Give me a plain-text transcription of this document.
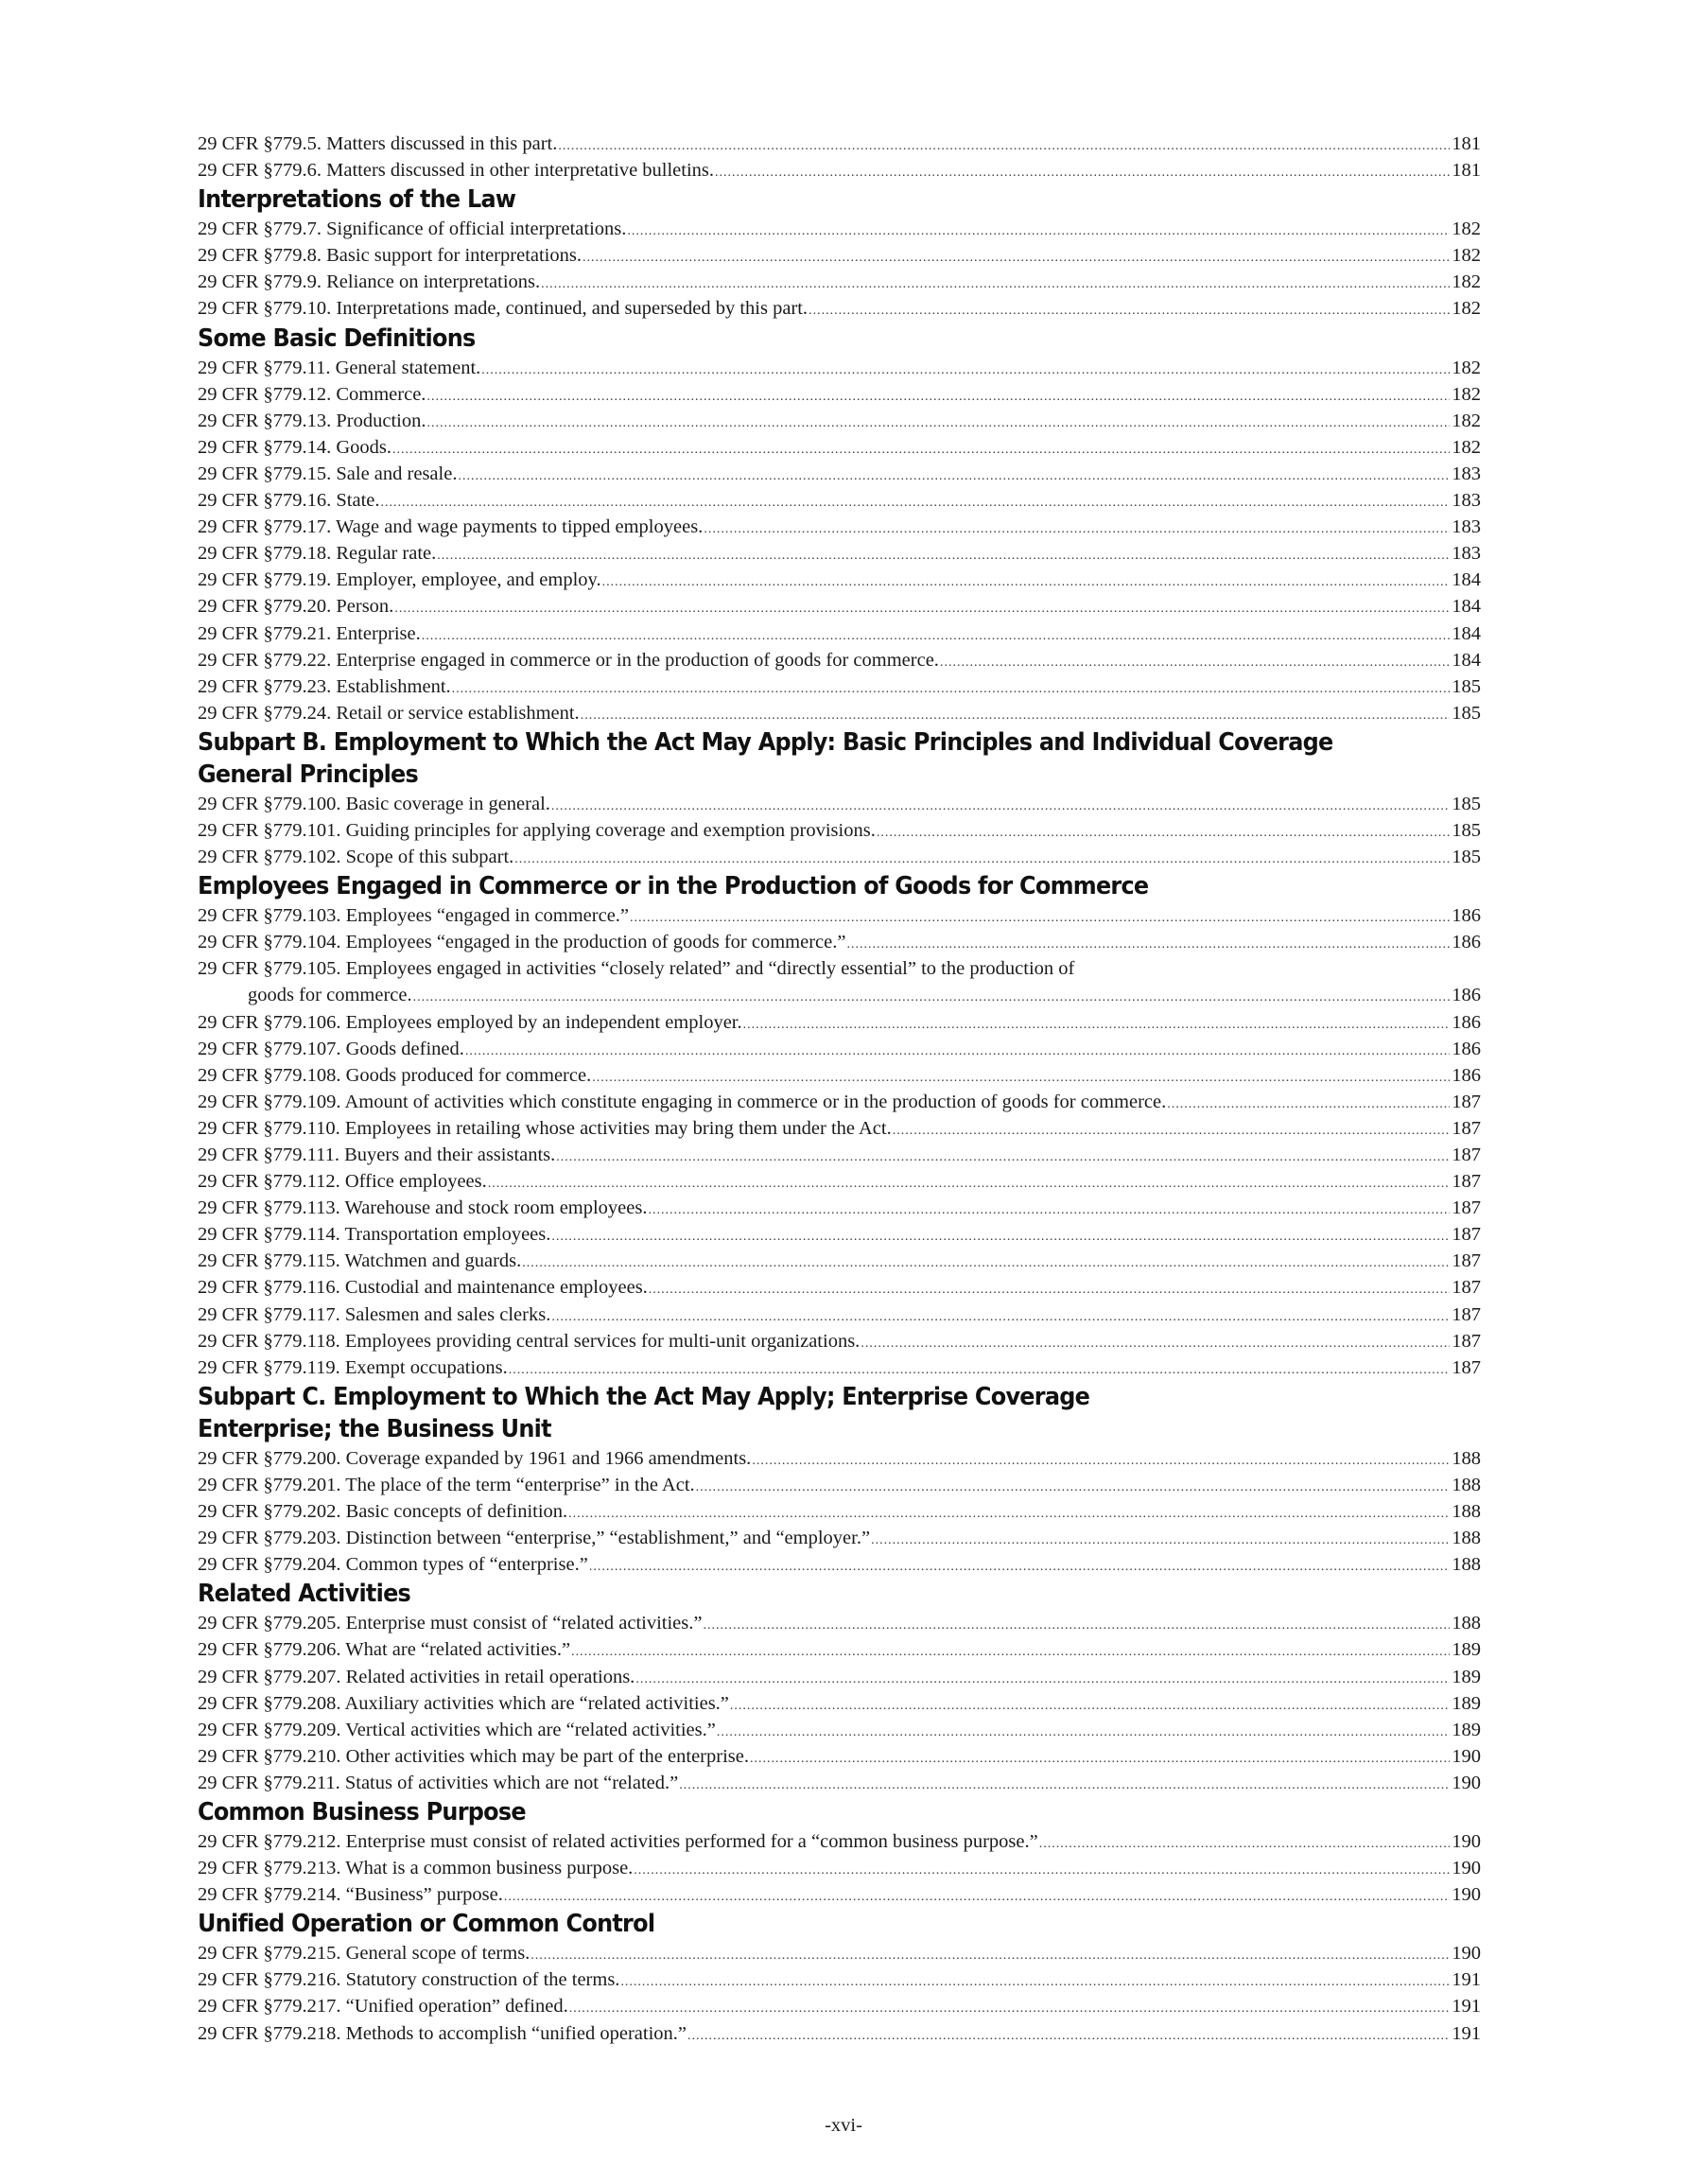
29 CFR §779.5. Matters discussed in this part. .....	181
29 CFR §779.6. Matters discussed in other interpretative bulletins. .....	181
Interpretations of the Law
29 CFR §779.7. Significance of official interpretations. .....	182
29 CFR §779.8. Basic support for interpretations. .....	182
29 CFR §779.9. Reliance on interpretations. .....	182
29 CFR §779.10. Interpretations made, continued, and superseded by this part. .....	182
Some Basic Definitions
29 CFR §779.11. General statement. .....	182
29 CFR §779.12. Commerce. .....	182
29 CFR §779.13. Production. .....	182
29 CFR §779.14. Goods. .....	182
29 CFR §779.15. Sale and resale. .....	183
29 CFR §779.16. State. .....	183
29 CFR §779.17. Wage and wage payments to tipped employees. .....	183
29 CFR §779.18. Regular rate. .....	183
29 CFR §779.19. Employer, employee, and employ. .....	184
29 CFR §779.20. Person. .....	184
29 CFR §779.21. Enterprise. .....	184
29 CFR §779.22. Enterprise engaged in commerce or in the production of goods for commerce. .....	184
29 CFR §779.23. Establishment. .....	185
29 CFR §779.24. Retail or service establishment. .....	185
Subpart B. Employment to Which the Act May Apply: Basic Principles and Individual Coverage
General Principles
29 CFR §779.100. Basic coverage in general. .....	185
29 CFR §779.101. Guiding principles for applying coverage and exemption provisions. .....	185
29 CFR §779.102. Scope of this subpart. .....	185
Employees Engaged in Commerce or in the Production of Goods for Commerce
29 CFR §779.103. Employees “engaged in commerce.” .....	186
29 CFR §779.104. Employees “engaged in the production of goods for commerce.” .....	186
29 CFR §779.105. Employees engaged in activities “closely related” and “directly essential” to the production of
goods for commerce. .....	186
29 CFR §779.106. Employees employed by an independent employer. .....	186
29 CFR §779.107. Goods defined. .....	186
29 CFR §779.108. Goods produced for commerce. .....	186
29 CFR §779.109. Amount of activities which constitute engaging in commerce or in the production of goods for commerce. .....	187
29 CFR §779.110. Employees in retailing whose activities may bring them under the Act. .....	187
29 CFR §779.111. Buyers and their assistants. .....	187
29 CFR §779.112. Office employees. .....	187
29 CFR §779.113. Warehouse and stock room employees. .....	187
29 CFR §779.114. Transportation employees. .....	187
29 CFR §779.115. Watchmen and guards. .....	187
29 CFR §779.116. Custodial and maintenance employees. .....	187
29 CFR §779.117. Salesmen and sales clerks. .....	187
29 CFR §779.118. Employees providing central services for multi-unit organizations. .....	187
29 CFR §779.119. Exempt occupations. .....	187
Subpart C. Employment to Which the Act May Apply; Enterprise Coverage
Enterprise; the Business Unit
29 CFR §779.200. Coverage expanded by 1961 and 1966 amendments. .....	188
29 CFR §779.201. The place of the term “enterprise” in the Act. .....	188
29 CFR §779.202. Basic concepts of definition. .....	188
29 CFR §779.203. Distinction between “enterprise,” “establishment,” and “employer.” .....	188
29 CFR §779.204. Common types of “enterprise.” .....	188
Related Activities
29 CFR §779.205. Enterprise must consist of “related activities.” .....	188
29 CFR §779.206. What are “related activities.” .....	189
29 CFR §779.207. Related activities in retail operations. .....	189
29 CFR §779.208. Auxiliary activities which are “related activities.” .....	189
29 CFR §779.209. Vertical activities which are “related activities.” .....	189
29 CFR §779.210. Other activities which may be part of the enterprise. .....	190
29 CFR §779.211. Status of activities which are not “related.” .....	190
Common Business Purpose
29 CFR §779.212. Enterprise must consist of related activities performed for a “common business purpose.” .....	190
29 CFR §779.213. What is a common business purpose. .....	190
29 CFR §779.214. “Business” purpose. .....	190
Unified Operation or Common Control
29 CFR §779.215. General scope of terms. .....	190
29 CFR §779.216. Statutory construction of the terms. .....	191
29 CFR §779.217. “Unified operation” defined. .....	191
29 CFR §779.218. Methods to accomplish “unified operation.” .....	191
-xvi-
